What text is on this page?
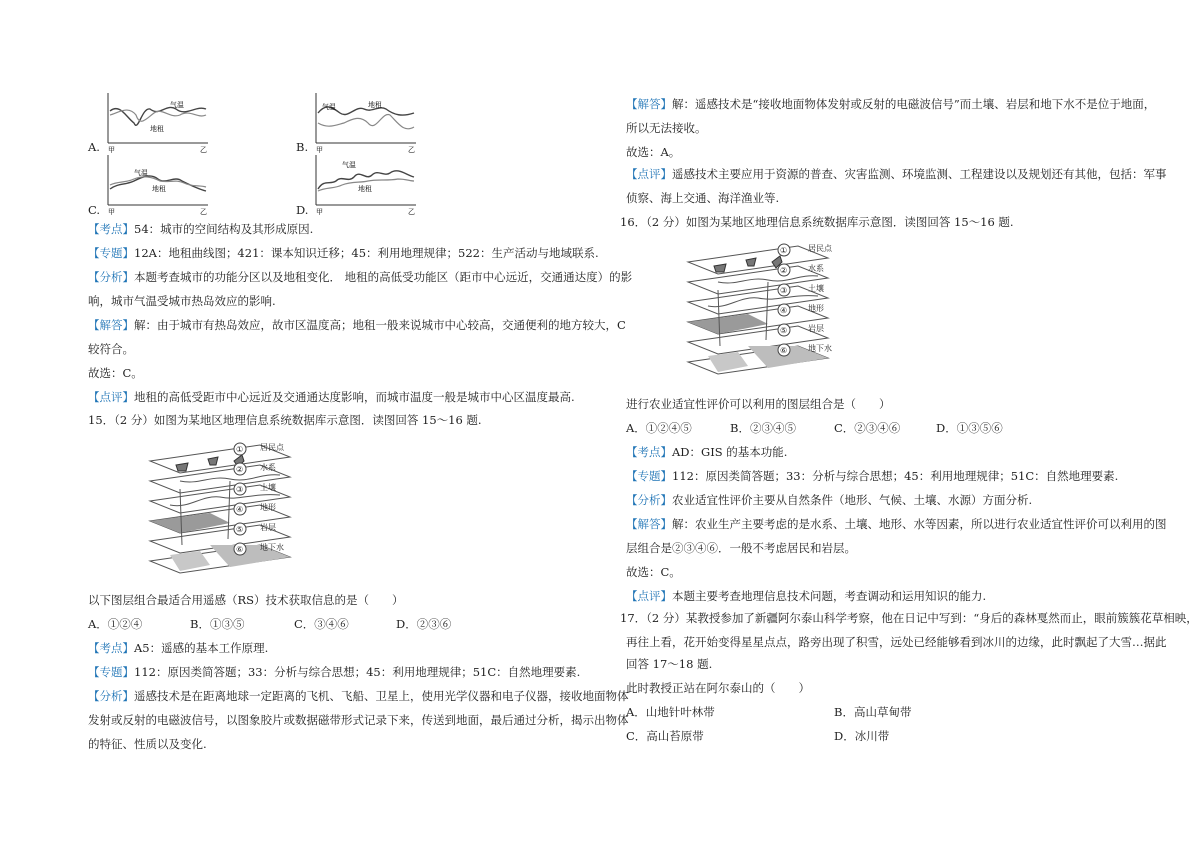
A.
气温
地租
甲	乙	B.
地租
气温
甲	乙
C.
气温
地租
甲	乙	D.
气温
地租
甲	乙
【考点】54：城市的空间结构及其形成原因.
【专题】12A：地租曲线图；421：课本知识迁移；45：利用地理规律；522：生产活动与地域联系.
【分析】本题考查城市的功能分区以及地租变化． 地租的高低受功能区（距市中心远近，交通通达度）的影
响，城市气温受城市热岛效应的影响.
【解答】解：由于城市有热岛效应，故市区温度高；地租一般来说城市中心较高，交通便利的地方较大，C
较符合。
故选：C。
【点评】地租的高低受距市中心远近及交通通达度影响，而城市温度一般是城市中心区温度最高.
15．（2 分）如图为某地区地理信息系统数据库示意图．读图回答 15～16 题.
① 居民点
② 水系
③ 土壤
④ 地形
⑤ 岩层
⑥ 地下水
以下图层组合最适合用遥感（RS）技术获取信息的是（　　）
A．①②④	B．①③⑤	C．③④⑥	D．②③⑥
【考点】A5：遥感的基本工作原理.
【专题】112：原因类简答题；33：分析与综合思想；45：利用地理规律；51C：自然地理要素.
【分析】遥感技术是在距离地球一定距离的飞机、飞船、卫星上，使用光学仪器和电子仪器，接收地面物体
发射或反射的电磁波信号，以图象胶片或数据磁带形式记录下来，传送到地面，最后通过分析，揭示出物体
的特征、性质以及变化.
【解答】解：遥感技术是“接收地面物体发射或反射的电磁波信号”而土壤、岩层和地下水不是位于地面，
所以无法接收。
故选：A。
【点评】遥感技术主要应用于资源的普查、灾害监测、环境监测、工程建设以及规划还有其他，包括：军事
侦察、海上交通、海洋渔业等.
16．（2 分）如图为某地区地理信息系统数据库示意图．读图回答 15～16 题.
①	居民点
②	水系
③	土壤
④	地形
⑤	岩层
⑥	地下水
进行农业适宜性评价可以利用的图层组合是（　　）
A．①②④⑤	B．②③④⑤	C．②③④⑥	D．①③⑤⑥
【考点】AD：GIS 的基本功能.
【专题】112：原因类简答题；33：分析与综合思想；45：利用地理规律；51C：自然地理要素.
【分析】农业适宜性评价主要从自然条件（地形、气候、土壤、水源）方面分析.
【解答】解：农业生产主要考虑的是水系、土壤、地形、水等因素，所以进行农业适宜性评价可以利用的图
层组合是②③④⑥．一般不考虑居民和岩层。
故选：C。
【点评】本题主要考查地理信息技术问题，考查调动和运用知识的能力.
17．（2 分）某教授参加了新疆阿尔泰山科学考察，他在日记中写到：“身后的森林戛然而止，眼前簇簇花草相映，
再往上看，花开始变得星星点点，路旁出现了积雪，远处已经能够看到冰川的边缘，此时飘起了大雪…据此
回答 17～18 题.
此时教授正站在阿尔泰山的（　　）
A．山地针叶林带	B．高山草甸带
C．高山苔原带	D．冰川带
